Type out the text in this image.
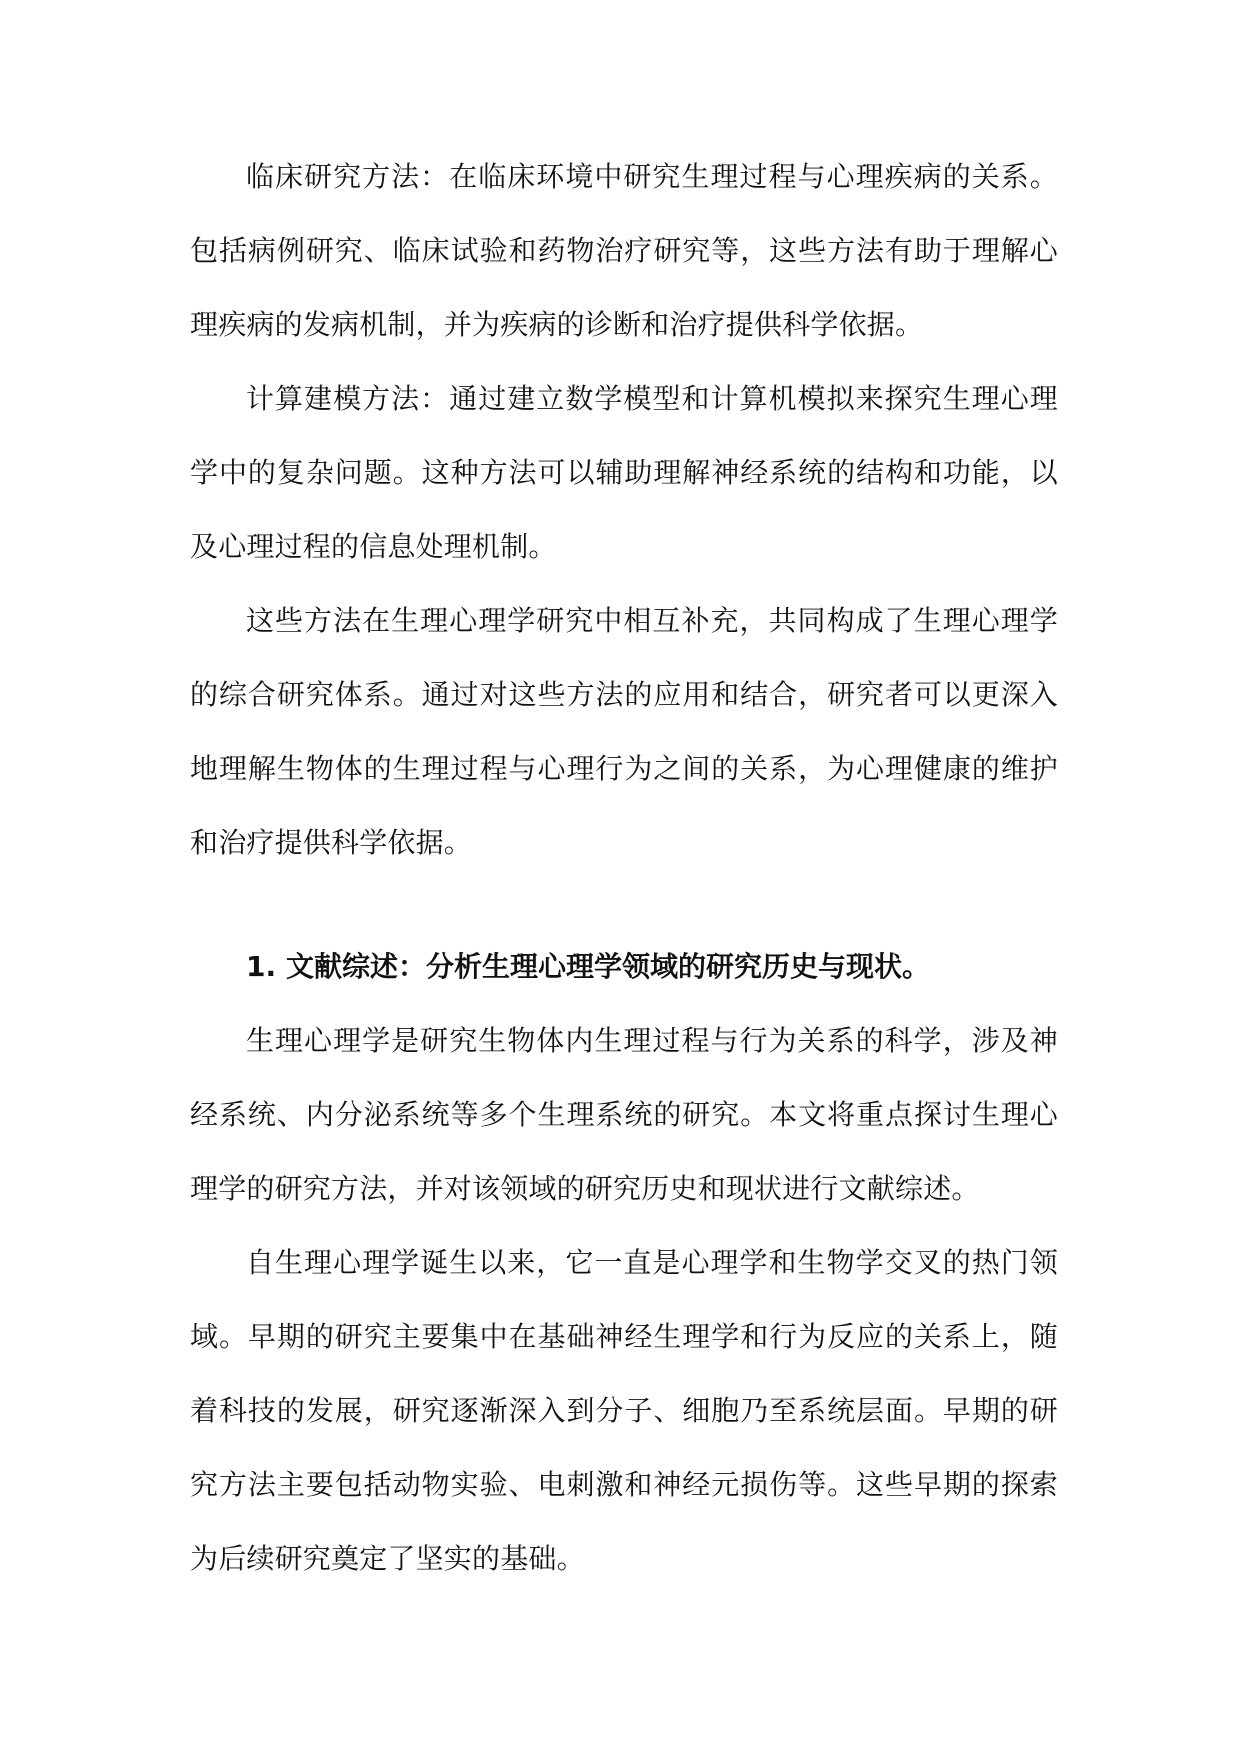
临床研究方法：在临床环境中研究生理过程与心理疾病的关系。包括病例研究、临床试验和药物治疗研究等，这些方法有助于理解心理疾病的发病机制，并为疾病的诊断和治疗提供科学依据。

计算建模方法：通过建立数学模型和计算机模拟来探究生理心理学中的复杂问题。这种方法可以辅助理解神经系统的结构和功能，以及心理过程的信息处理机制。

这些方法在生理心理学研究中相互补充，共同构成了生理心理学的综合研究体系。通过对这些方法的应用和结合，研究者可以更深入地理解生物体的生理过程与心理行为之间的关系，为心理健康的维护和治疗提供科学依据。

1. 文献综述：分析生理心理学领域的研究历史与现状。

生理心理学是研究生物体内生理过程与行为关系的科学，涉及神经系统、内分泌系统等多个生理系统的研究。本文将重点探讨生理心理学的研究方法，并对该领域的研究历史和现状进行文献综述。

自生理心理学诞生以来，它一直是心理学和生物学交叉的热门领域。早期的研究主要集中在基础神经生理学和行为反应的关系上，随着科技的发展，研究逐渐深入到分子、细胞乃至系统层面。早期的研究方法主要包括动物实验、电刺激和神经元损伤等。这些早期的探索为后续研究奠定了坚实的基础。
